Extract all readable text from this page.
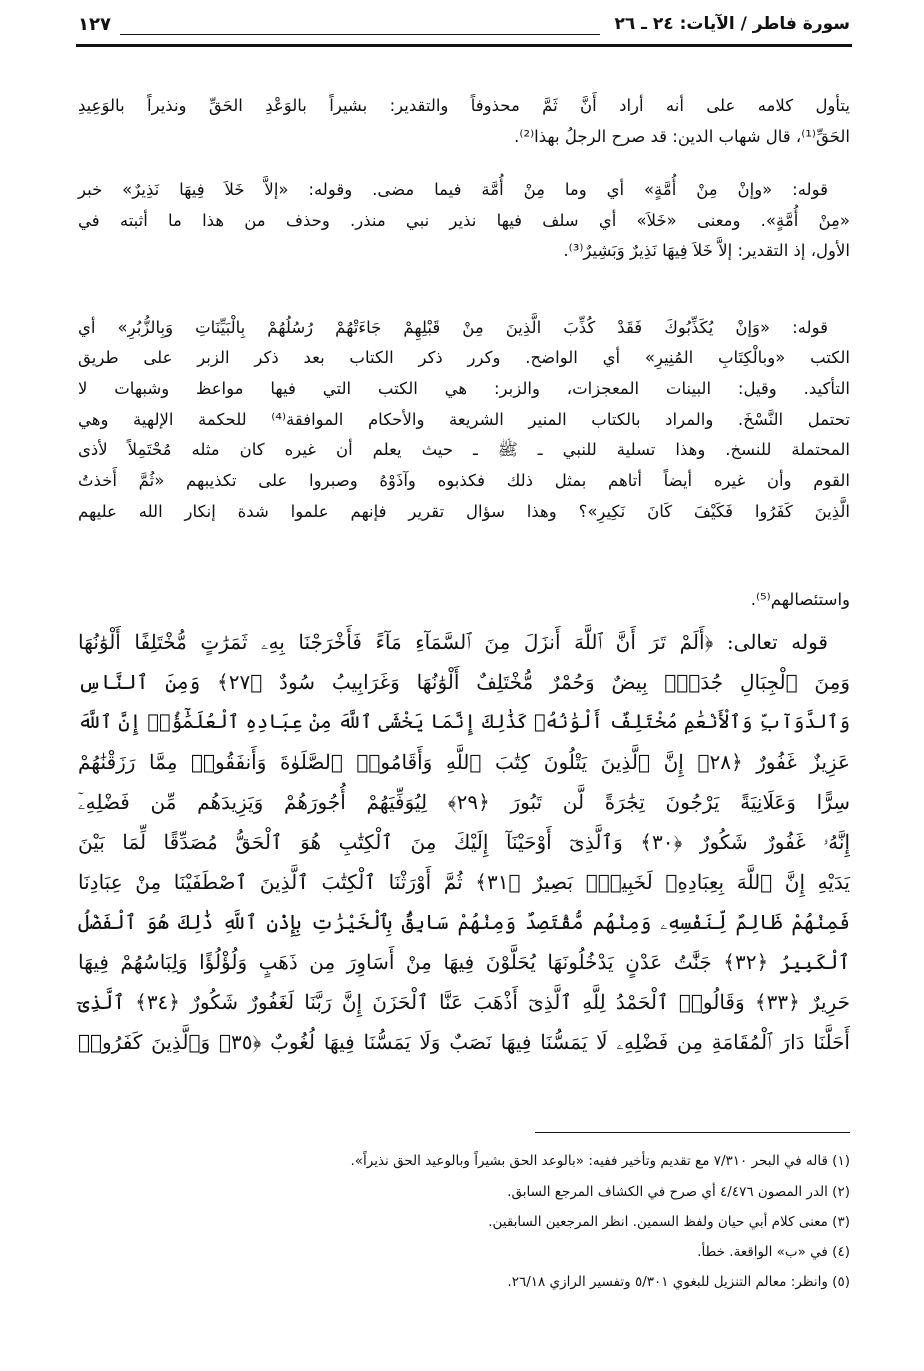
سورة فاطر / الآيات: ٢٤ ـ ٢٦
١٢٧
يتأول كلامه على أنه أراد أَنَّ ثَمَّ محذوفاً والتقدير: بشيراً بالوَعْدِ الحَقِّ ونذيراً بالوَعِيدِ
الحَقِّ⁽¹⁾، قال شهاب الدين: قد صرح الرجلُ بهذا⁽²⁾.
قوله: «وإنْ مِنْ أُمَّةٍ» أي وما مِنْ أُمَّة فيما مضى. وقوله: «إلاَّ خَلاَ فِيهَا نَذِيرٌ» خبر
«مِنْ أُمَّةٍ». ومعنى «خَلاَ» أي سلف فيها نذير نبي منذر. وحذف من هذا ما أثبته في
الأول، إذ التقدير: إلاَّ خَلاَ فِيهَا نَذِيرٌ وَبَشِيرٌ⁽³⁾.
قوله: «وَإنْ يُكَذِّبُوكَ فَقَدْ كُذِّبَ الَّذِينَ مِنْ قَبْلِهِمْ جَاءَتْهُمْ رُسُلُهُمْ بِالْبَيِّنَاتِ وَبِالزُّبُرِ» أي
الكتب «وبالْكِتَابِ المُنِيرِ» أي الواضح. وكرر ذكر الكتاب بعد ذكر الزبر على طريق
التأكيد. وقيل: البينات المعجزات، والزبر: هي الكتب التي فيها مواعظ وشبهات لا
تحتمل النَّسْخَ. والمراد بالكتاب المنير الشريعة والأحكام الموافقة⁽⁴⁾ للحكمة الإلهية وهي
المحتملة للنسخ. وهذا تسلية للنبي ـ ﷺ ـ حيث يعلم أن غيره كان مثله مُحْتَمِلاً لأذى
القوم وأن غيره أيضاً أتاهم بمثل ذلك فكذبوه وآذَوْهُ وصبروا على تكذيبهم «ثُمَّ أَخذتُ
الَّذِينَ كَفَرُوا فَكَيْفَ كَانَ نَكِيرِ»؟ وهذا سؤال تقرير فإنهم علموا شدة إنكار الله عليهم
واستئصالهم⁽⁵⁾.
قوله تعالى: ﴿أَلَمْ تَرَ أَنَّ ٱللَّهَ أَنزَلَ مِنَ ٱلسَّمَآءِ مَآءً فَأَخْرَجْنَا بِهِۦ ثَمَرَٰتٍ مُّخْتَلِفًا أَلْوَٰنُهَا
وَمِنَ ٱلْجِبَالِ جُدَدٌۢ بِيضٌ وَحُمْرٌ مُّخْتَلِفٌ أَلْوَٰنُهَا وَغَرَابِيبُ سُودٌ ﴿٢٧﴾ وَمِنَ ٱلنَّاسِ
وَٱلدَّوَآبِّ وَٱلْأَنْعَٰمِ مُخْتَلِفٌ أَلْوَٰنُهُۥ كَذَٰلِكَ إِنَّمَا يَخْشَى ٱللَّهَ مِنْ عِبَادِهِ ٱلْعُلَمَٰٓؤُا۟ إِنَّ ٱللَّهَ
عَزِيزٌ غَفُورٌ ﴿٢٨﴾ إِنَّ ٱلَّذِينَ يَتْلُونَ كِتَٰبَ ٱللَّهِ وَأَقَامُوا۟ ٱلصَّلَوٰةَ وَأَنفَقُوا۟ مِمَّا رَزَقْنَٰهُمْ
سِرًّا وَعَلَانِيَةً يَرْجُونَ تِجَٰرَةً لَّن تَبُورَ ﴿٢٩﴾ لِيُوَفِّيَهُمْ أُجُورَهُمْ وَيَزِيدَهُم مِّن فَضْلِهِۦٓ
إِنَّهُۥ غَفُورٌ شَكُورٌ ﴿٣٠﴾ وَٱلَّذِىٓ أَوْحَيْنَآ إِلَيْكَ مِنَ ٱلْكِتَٰبِ هُوَ ٱلْحَقُّ مُصَدِّقًا لِّمَا بَيْنَ
يَدَيْهِ إِنَّ ٱللَّهَ بِعِبَادِهِۦ لَخَبِيرٌۢ بَصِيرٌ ﴿٣١﴾ ثُمَّ أَوْرَثْنَا ٱلْكِتَٰبَ ٱلَّذِينَ ٱصْطَفَيْنَا مِنْ عِبَادِنَا
فَمِنْهُمْ ظَالِمٌ لِّنَفْسِهِۦ وَمِنْهُم مُّقْتَصِدٌ وَمِنْهُمْ سَابِقٌۢ بِٱلْخَيْرَٰتِ بِإِذْنِ ٱللَّهِ ذَٰلِكَ هُوَ ٱلْفَضْلُ
ٱلْكَبِيرُ ﴿٣٢﴾ جَنَّٰتُ عَدْنٍ يَدْخُلُونَهَا يُحَلَّوْنَ فِيهَا مِنْ أَسَاوِرَ مِن ذَهَبٍ وَلُؤْلُؤًا وَلِبَاسُهُمْ فِيهَا
حَرِيرٌ ﴿٣٣﴾ وَقَالُوا۟ ٱلْحَمْدُ لِلَّهِ ٱلَّذِىٓ أَذْهَبَ عَنَّا ٱلْحَزَنَ إِنَّ رَبَّنَا لَغَفُورٌ شَكُورٌ ﴿٣٤﴾ ٱلَّذِىٓ
أَحَلَّنَا دَارَ ٱلْمُقَامَةِ مِن فَضْلِهِۦ لَا يَمَسُّنَا فِيهَا نَصَبٌ وَلَا يَمَسُّنَا فِيهَا لُغُوبٌ ﴿٣٥﴾ وَٱلَّذِينَ كَفَرُوا۟
(١) قاله في البحر ٧/٣١٠ مع تقديم وتأخير ففيه: «بالوعد الحق بشيراً وبالوعيد الحق نذيراً».
(٢) الدر المصون ٤/٤٧٦ أي صرح في الكشاف المرجع السابق.
(٣) معنى كلام أبي حيان ولفظ السمين. انظر المرجعين السابقين.
(٤) في «ب» الواقعة. خطأ.
(٥) وانظر: معالم التنزيل للبغوي ٥/٣٠١ وتفسير الرازي ٢٦/١٨.
